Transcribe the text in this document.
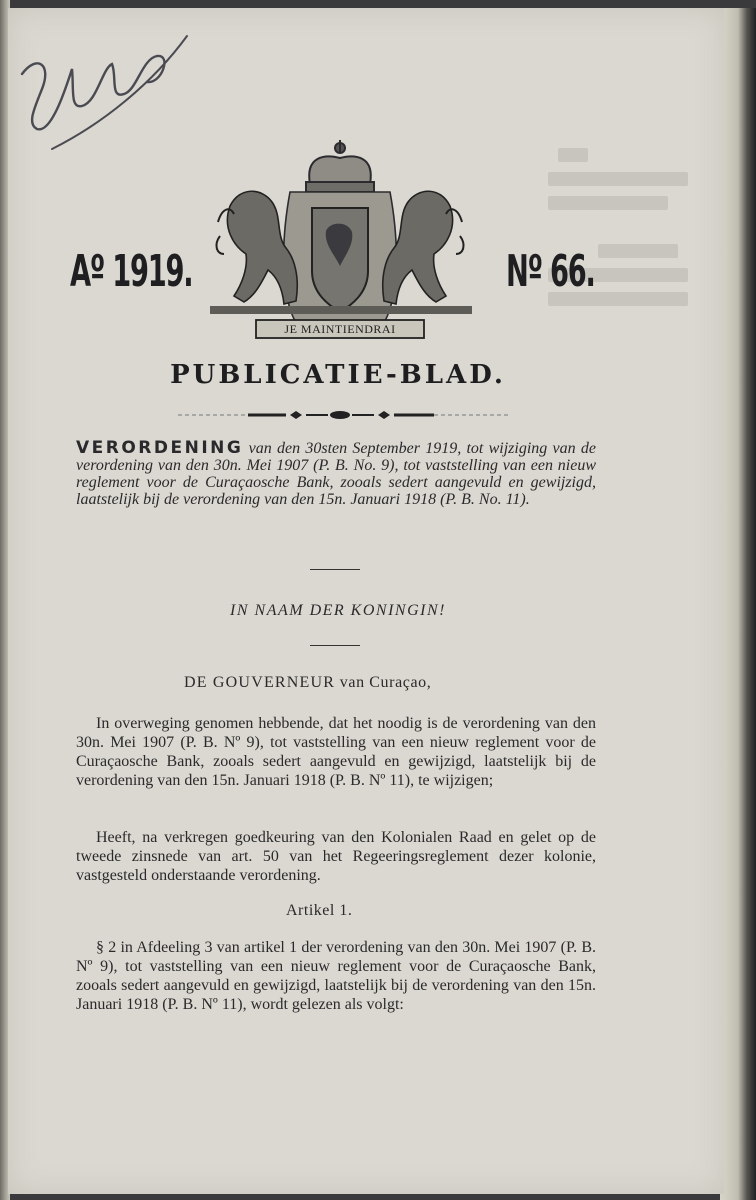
Aº 1919.	Nº 66.
JE MAINTIENDRAI
PUBLICATIE-BLAD.
VERORDENING van den 30sten September 1919, tot wijziging van de verordening van den 30n. Mei 1907 (P. B. No. 9), tot vaststelling van een nieuw reglement voor de Curaçaosche Bank, zooals sedert aangevuld en gewijzigd, laatstelijk bij de verordening van den 15n. Januari 1918 (P. B. No. 11).
IN NAAM DER KONINGIN!
DE GOUVERNEUR van Curaçao,

In overweging genomen hebbende, dat het noodig is de verordening van den 30n. Mei 1907 (P. B. Nº 9), tot vaststelling van een nieuw reglement voor de Curaçaosche Bank, zooals sedert aangevuld en gewijzigd, laatstelijk bij de verordening van den 15n. Januari 1918 (P. B. Nº 11), te wijzigen;

Heeft, na verkregen goedkeuring van den Kolonialen Raad en gelet op de tweede zinsnede van art. 50 van het Regeeringsreglement dezer kolonie, vastgesteld onderstaande verordening.

Artikel 1.

§ 2 in Afdeeling 3 van artikel 1 der verordening van den 30n. Mei 1907 (P. B. Nº 9), tot vaststelling van een nieuw reglement voor de Curaçaosche Bank, zooals sedert aangevuld en gewijzigd, laatstelijk bij de verordening van den 15n. Januari 1918 (P. B. Nº 11), wordt gelezen als volgt:
